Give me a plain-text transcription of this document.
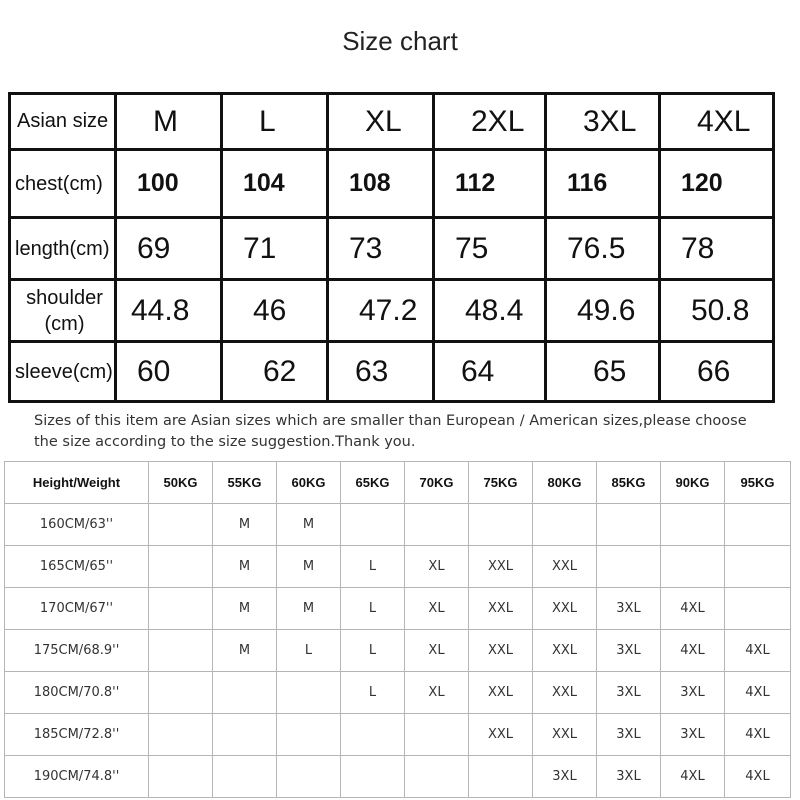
Size chart
Asian size	M	L	XL	2XL	3XL	4XL
chest(cm)	100	104	108	112	116	120
length(cm)	69	71	73	75	76.5	78
shoulder
(cm)	44.8	46	47.2	48.4	49.6	50.8
sleeve(cm)	60	62	63	64	65	66
Sizes of this item are Asian sizes which are smaller than European / American sizes,please choose the size according to the size suggestion.Thank you.
Height/Weight	50KG	55KG	60KG	65KG	70KG	75KG	80KG	85KG	90KG	95KG
160CM/63''		M	M							
165CM/65''		M	M	L	XL	XXL	XXL			
170CM/67''		M	M	L	XL	XXL	XXL	3XL	4XL	
175CM/68.9''		M	L	L	XL	XXL	XXL	3XL	4XL	4XL
180CM/70.8''				L	XL	XXL	XXL	3XL	3XL	4XL
185CM/72.8''						XXL	XXL	3XL	3XL	4XL
190CM/74.8''							3XL	3XL	4XL	4XL
